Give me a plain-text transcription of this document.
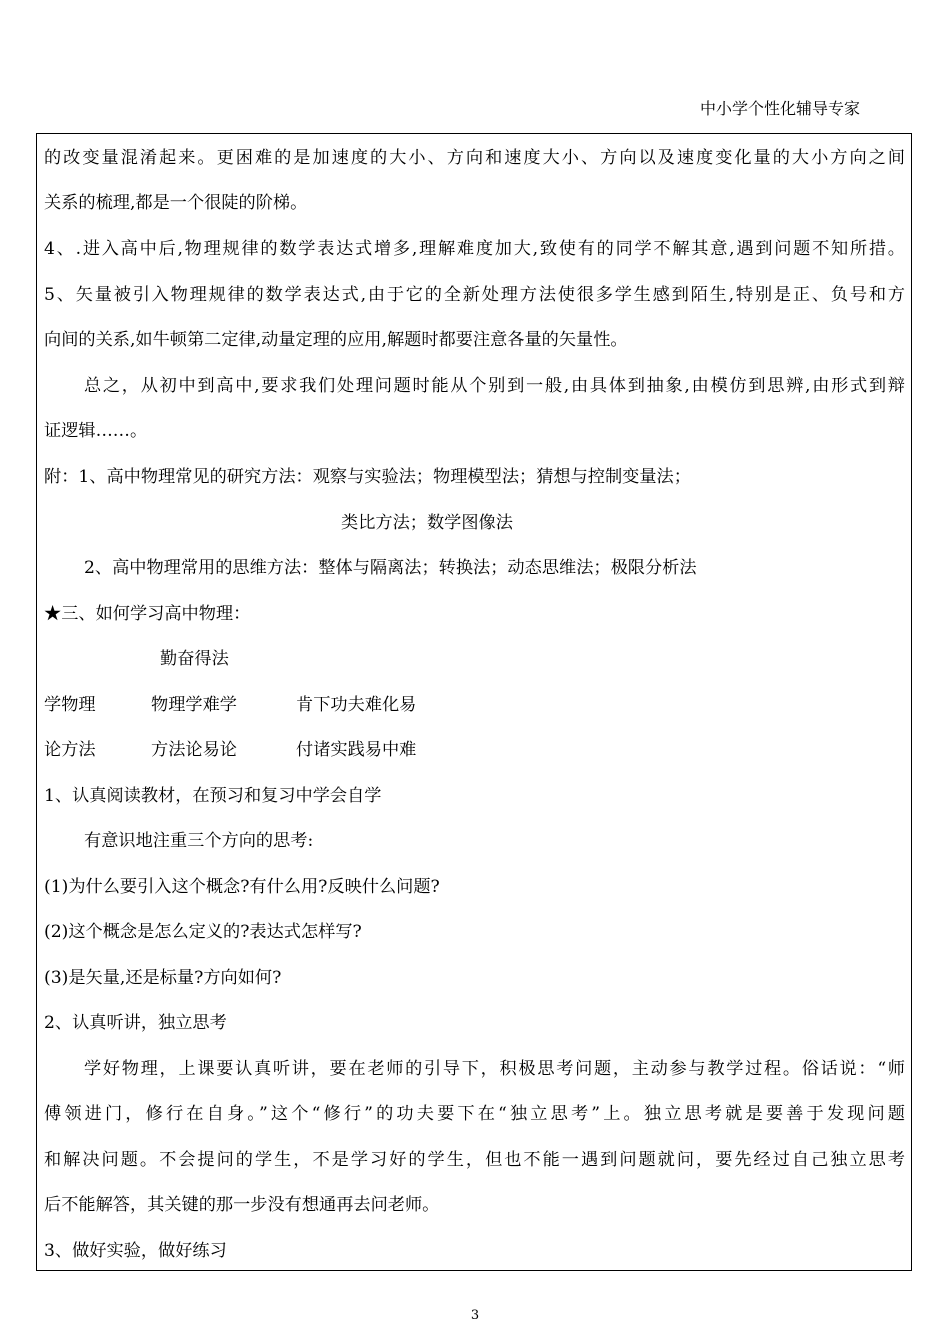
中小学个性化辅导专家
的改变量混淆起来。更困难的是加速度的大小、方向和速度大小、方向以及速度变化量的大小方向之间
关系的梳理,都是一个很陡的阶梯。
4、.进入高中后,物理规律的数学表达式增多,理解难度加大,致使有的同学不解其意,遇到问题不知所措。
5、矢量被引入物理规律的数学表达式,由于它的全新处理方法使很多学生感到陌生,特别是正、负号和方
向间的关系,如牛顿第二定律,动量定理的应用,解题时都要注意各量的矢量性。
总之，从初中到高中,要求我们处理问题时能从个别到一般,由具体到抽象,由模仿到思辨,由形式到辩
证逻辑……。
附：1、高中物理常见的研究方法：观察与实验法；物理模型法；猜想与控制变量法；
类比方法；数学图像法
2、高中物理常用的思维方法：整体与隔离法；转换法；动态思维法；极限分析法
★三、如何学习高中物理：
勤奋得法
学物理	物理学难学	肯下功夫难化易
论方法	方法论易论	付诸实践易中难
1、认真阅读教材，在预习和复习中学会自学
有意识地注重三个方向的思考:
(1)为什么要引入这个概念?有什么用?反映什么问题?
(2)这个概念是怎么定义的?表达式怎样写?
(3)是矢量,还是标量?方向如何?
2、认真听讲，独立思考
学好物理，上课要认真听讲，要在老师的引导下，积极思考问题，主动参与教学过程。俗话说：“师
傅领进门，修行在自身。”这个“修行”的功夫要下在“独立思考”上。独立思考就是要善于发现问题
和解决问题。不会提问的学生，不是学习好的学生，但也不能一遇到问题就问，要先经过自己独立思考
后不能解答，其关键的那一步没有想通再去问老师。
3、做好实验，做好练习
3
